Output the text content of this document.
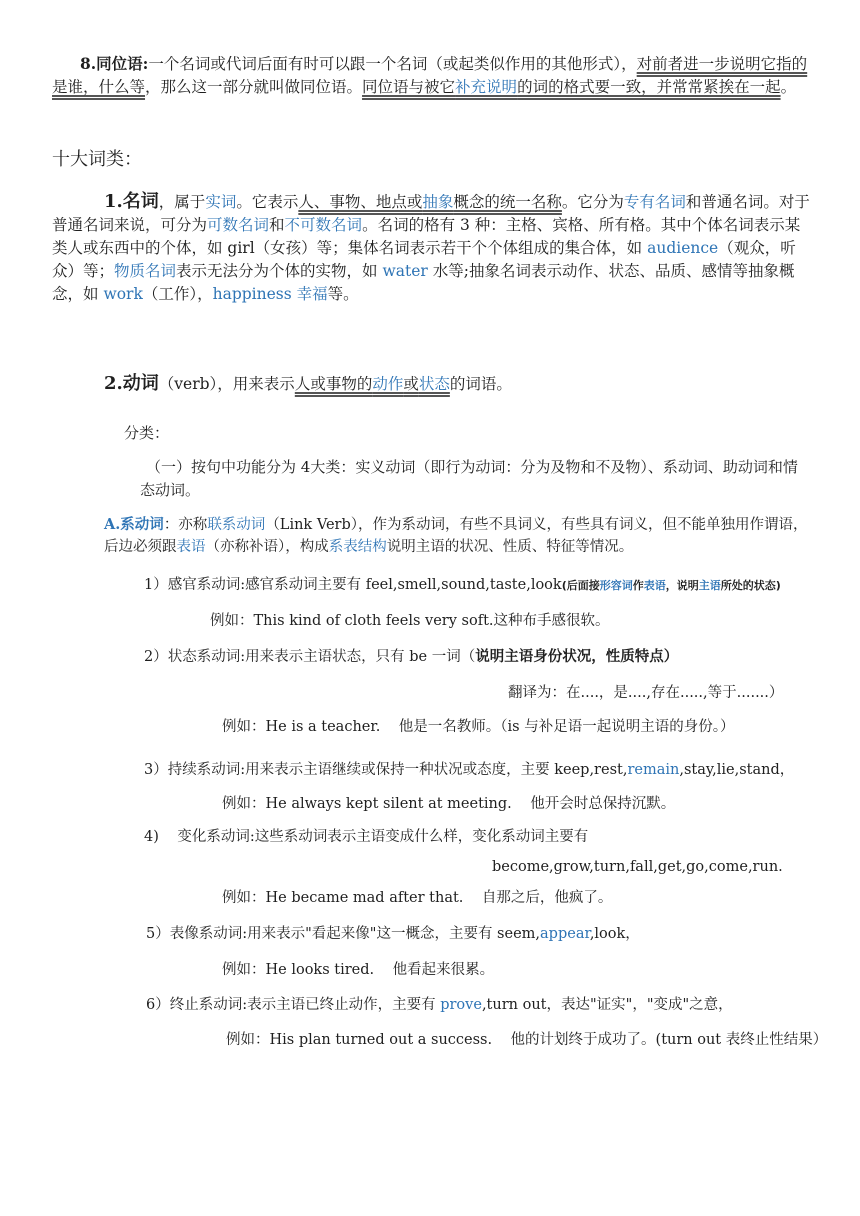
8.同位语:一个名词或代词后面有时可以跟一个名词（或起类似作用的其他形式），对前者进一步说明它指的是谁，什么等，那么这一部分就叫做同位语。同位语与被它补充说明的词的格式要一致，并常常紧挨在一起。
十大词类：
1.名词，属于实词。它表示人、事物、地点或抽象概念的统一名称。它分为专有名词和普通名词。对于普通名词来说，可分为可数名词和不可数名词。名词的格有 3 种：主格、宾格、所有格。其中个体名词表示某类人或东西中的个体，如 girl（女孩）等；集体名词表示若干个个体组成的集合体，如 audience（观众，听众）等；物质名词表示无法分为个体的实物，如 water 水等;抽象名词表示动作、状态、品质、感情等抽象概念，如 work（工作），happiness 幸福等。
2.动词（verb），用来表示人或事物的动作或状态的词语。
分类：
（一）按句中功能分为 4大类：实义动词（即行为动词：分为及物和不及物）、系动词、助动词和情态动词。
A.系动词：亦称联系动词（Link Verb），作为系动词，有些不具词义，有些具有词义，但不能单独用作谓语，后边必须跟表语（亦称补语），构成系表结构说明主语的状况、性质、特征等情况。
1）感官系动词:感官系动词主要有 feel,smell,sound,taste,look(后面接形容词作表语，说明主语所处的状态)
例如：This kind of cloth feels very soft.这种布手感很软。
2）状态系动词:用来表示主语状态，只有 be 一词（说明主语身份状况，性质特点）
翻译为：在....，是....,存在.....,等于.......）
例如：He is a teacher.    他是一名教师。（is 与补足语一起说明主语的身份。）
3）持续系动词:用来表示主语继续或保持一种状况或态度，主要 keep,rest,remain,stay,lie,stand，
例如：He always kept silent at meeting.    他开会时总保持沉默。
4)    变化系动词:这些系动词表示主语变成什么样，变化系动词主要有
become,grow,turn,fall,get,go,come,run.
例如：He became mad after that.    自那之后，他疯了。
5）表像系动词:用来表示"看起来像"这一概念，主要有 seem,appear,look，
例如：He looks tired.    他看起来很累。
6）终止系动词:表示主语已终止动作，主要有 prove,turn out，表达"证实"，"变成"之意，
例如：His plan turned out a success.    他的计划终于成功了。(turn out 表终止性结果）
